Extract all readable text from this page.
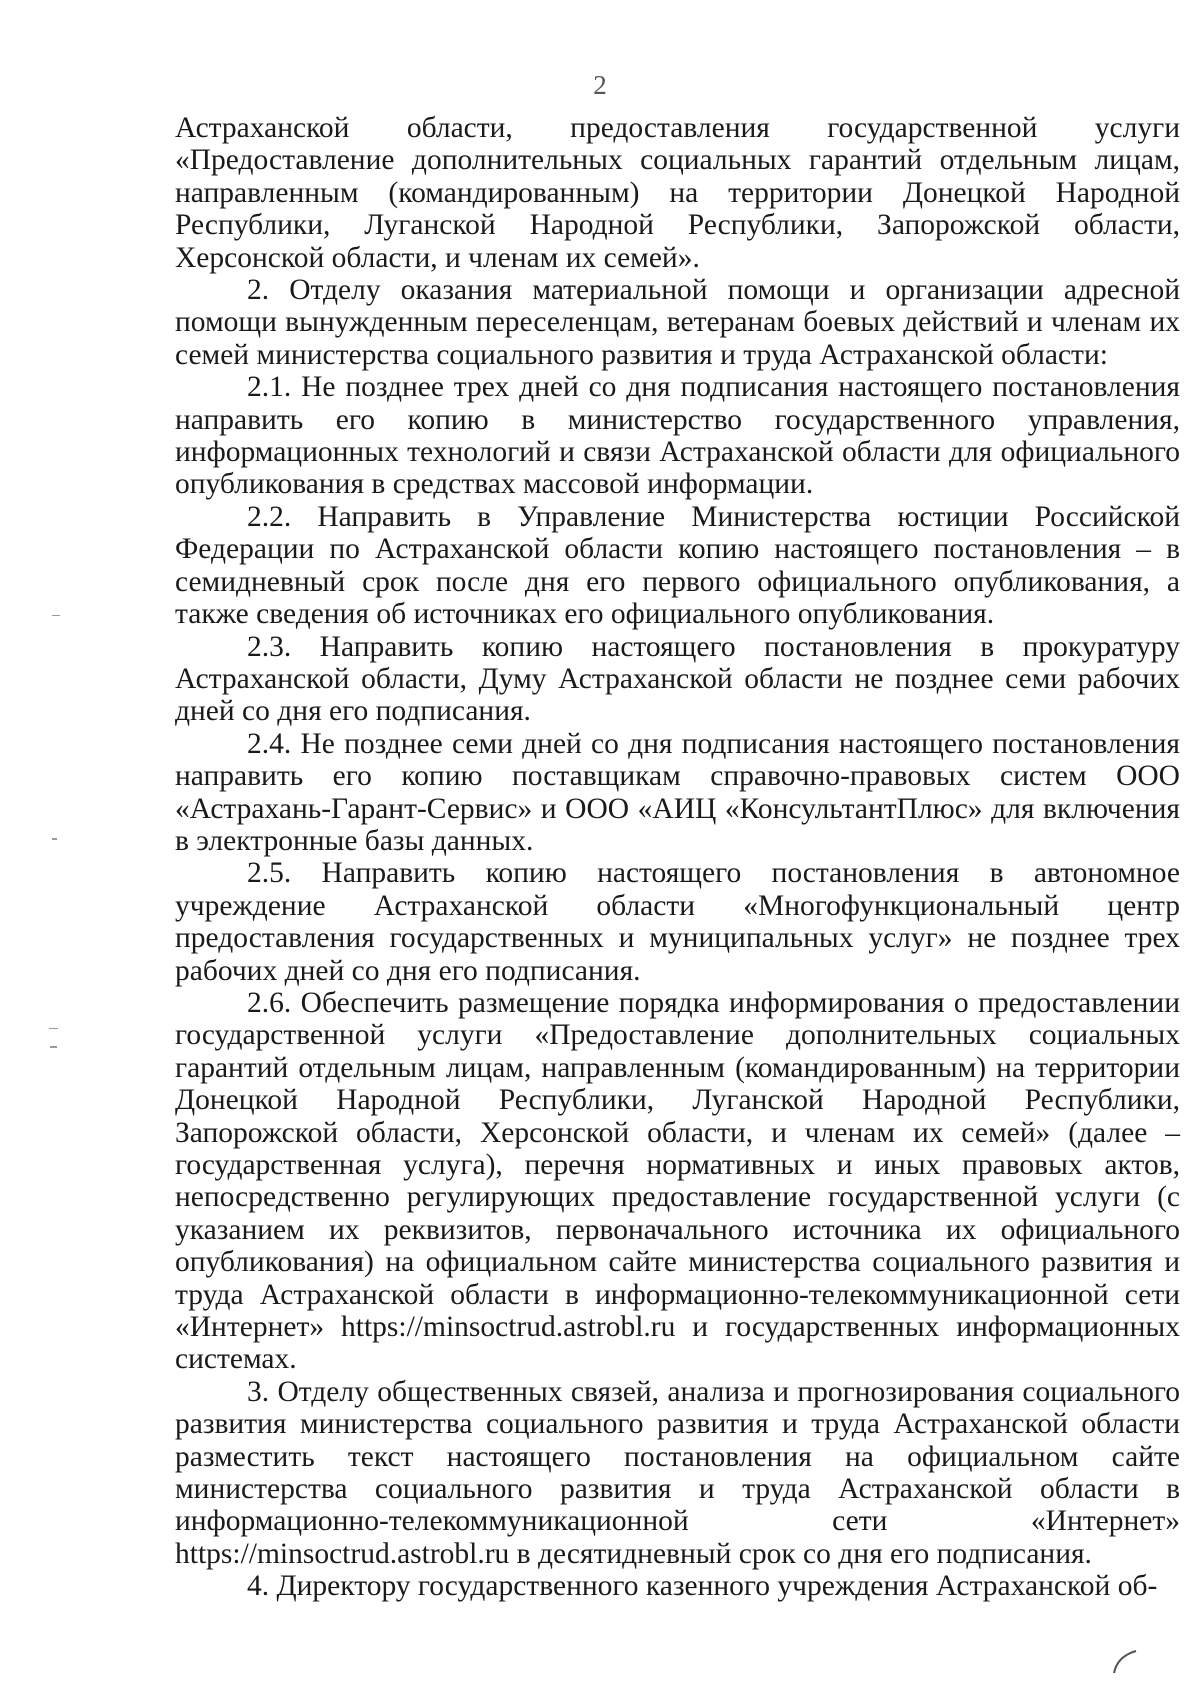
2

Астраханской области, предоставления государственной услуги «Предоставление дополнительных социальных гарантий отдельным лицам, направленным (командированным) на территории Донецкой Народной Республики, Луганской Народной Республики, Запорожской области, Херсонской области, и членам их семей».

2. Отделу оказания материальной помощи и организации адресной помощи вынужденным переселенцам, ветеранам боевых действий и членам их семей министерства социального развития и труда Астраханской области:

2.1. Не позднее трех дней со дня подписания настоящего постановления направить его копию в министерство государственного управления, информационных технологий и связи Астраханской области для официального опубликования в средствах массовой информации.

2.2. Направить в Управление Министерства юстиции Российской Федерации по Астраханской области копию настоящего постановления – в семидневный срок после дня его первого официального опубликования, а также сведения об источниках его официального опубликования.

2.3. Направить копию настоящего постановления в прокуратуру Астраханской области, Думу Астраханской области не позднее семи рабочих дней со дня его подписания.

2.4. Не позднее семи дней со дня подписания настоящего постановления направить его копию поставщикам справочно-правовых систем ООО «Астрахань-Гарант-Сервис» и ООО «АИЦ «КонсультантПлюс» для включения в электронные базы данных.

2.5. Направить копию настоящего постановления в автономное учреждение Астраханской области «Многофункциональный центр предоставления государственных и муниципальных услуг» не позднее трех рабочих дней со дня его подписания.

2.6. Обеспечить размещение порядка информирования о предоставлении государственной услуги «Предоставление дополнительных социальных гарантий отдельным лицам, направленным (командированным) на территории Донецкой Народной Республики, Луганской Народной Республики, Запорожской области, Херсонской области, и членам их семей» (далее – государственная услуга), перечня нормативных и иных правовых актов, непосредственно регулирующих предоставление государственной услуги (с указанием их реквизитов, первоначального источника их официального опубликования) на официальном сайте министерства социального развития и труда Астраханской области в информационно-телекоммуникационной сети «Интернет» https://minsoctrud.astrobl.ru и государственных информационных системах.

3. Отделу общественных связей, анализа и прогнозирования социального развития министерства социального развития и труда Астраханской области разместить текст настоящего постановления на официальном сайте министерства социального развития и труда Астраханской области в информационно-телекоммуникационной сети «Интернет» https://minsoctrud.astrobl.ru в десятидневный срок со дня его подписания.

4. Директору государственного казенного учреждения Астраханской об-
